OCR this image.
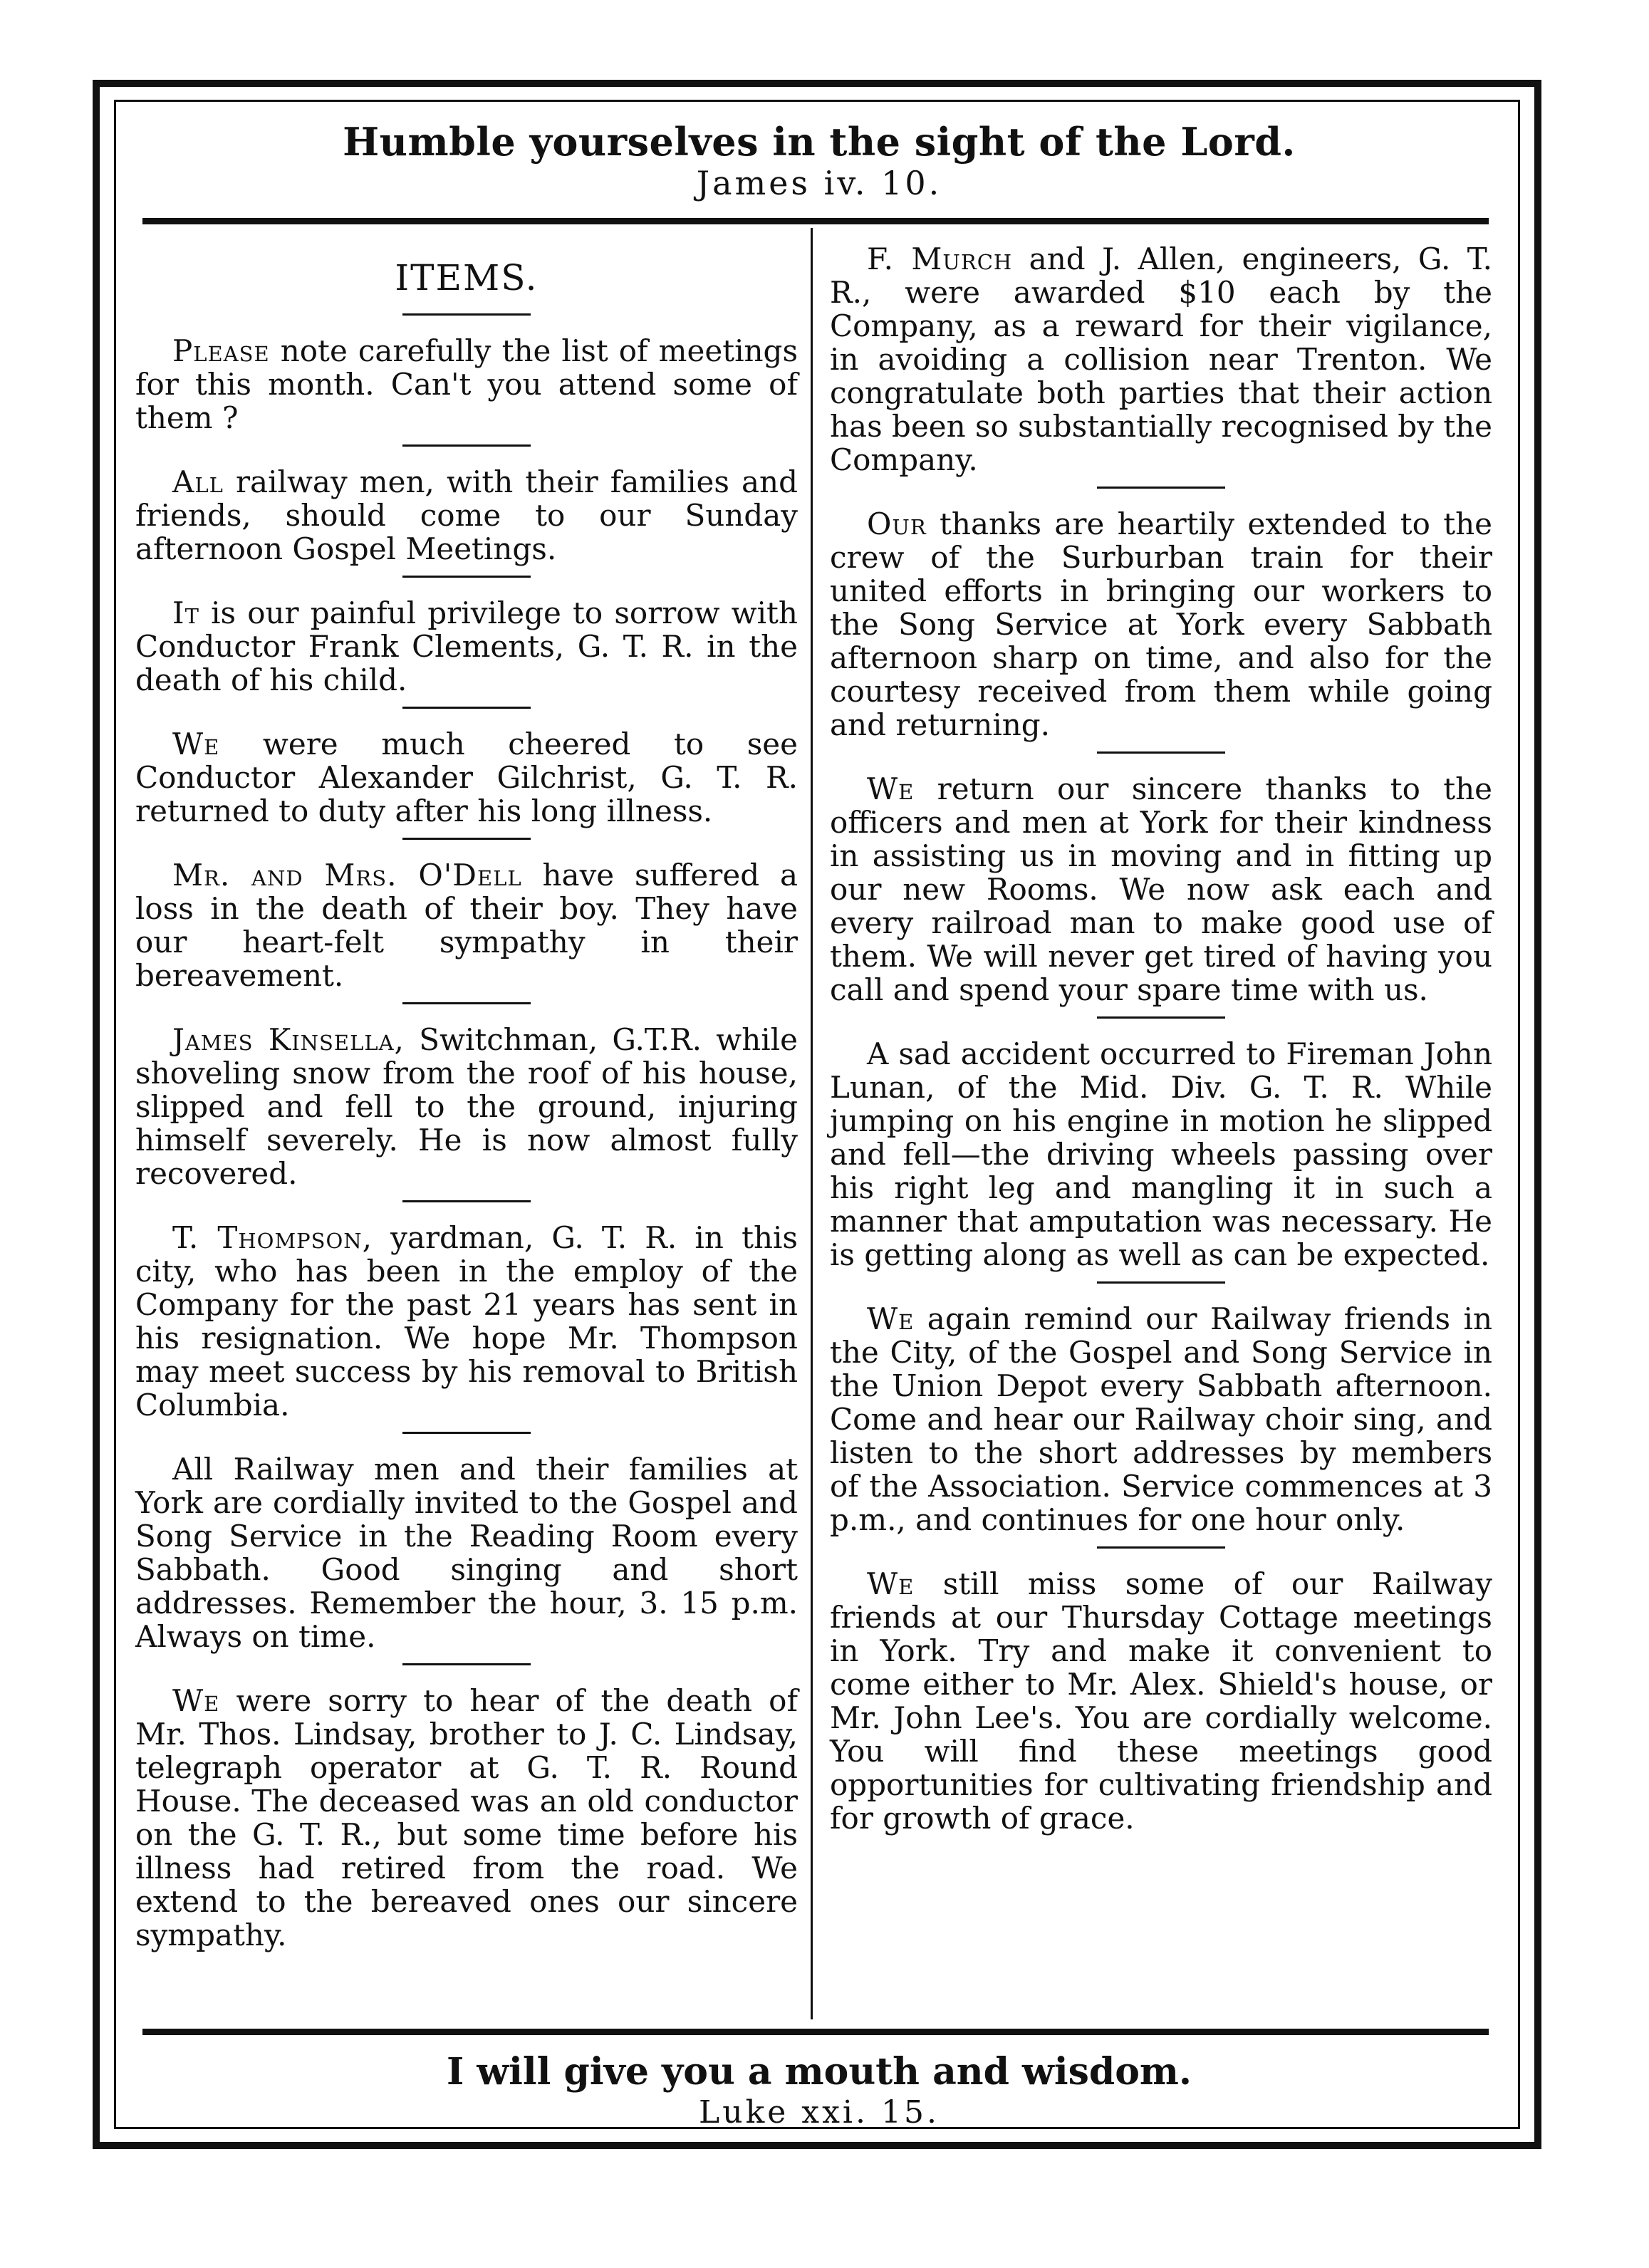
Humble yourselves in the sight of the Lord.
James iv. 10.
ITEMS.

Please note carefully the list of meetings for this month. Can't you attend some of them ?

All railway men, with their families and friends, should come to our Sunday afternoon Gospel Meetings.

It is our painful privilege to sorrow with Conductor Frank Clements, G. T. R. in the death of his child.

We were much cheered to see Conductor Alexander Gilchrist, G. T. R. returned to duty after his long illness.

Mr. and Mrs. O'Dell have suffered a loss in the death of their boy. They have our heart-felt sympathy in their bereavement.

James Kinsella, Switchman, G.T.R. while shoveling snow from the roof of his house, slipped and fell to the ground, injuring himself severely. He is now almost fully recovered.

T. Thompson, yardman, G. T. R. in this city, who has been in the employ of the Company for the past 21 years has sent in his resignation. We hope Mr. Thompson may meet success by his removal to British Columbia.

All Railway men and their families at York are cordially invited to the Gospel and Song Service in the Reading Room every Sabbath. Good singing and short addresses. Remember the hour, 3. 15 p.m. Always on time.

We were sorry to hear of the death of Mr. Thos. Lindsay, brother to J. C. Lindsay, telegraph operator at G. T. R. Round House. The deceased was an old conductor on the G. T. R., but some time before his illness had retired from the road. We extend to the bereaved ones our sincere sympathy.

F. Murch and J. Allen, engineers, G. T. R., were awarded $10 each by the Company, as a reward for their vigilance, in avoiding a collision near Trenton. We congratulate both parties that their action has been so substantially recognised by the Company.

Our thanks are heartily extended to the crew of the Surburban train for their united efforts in bringing our workers to the Song Service at York every Sabbath afternoon sharp on time, and also for the courtesy received from them while going and returning.

We return our sincere thanks to the officers and men at York for their kindness in assisting us in moving and in fitting up our new Rooms. We now ask each and every railroad man to make good use of them. We will never get tired of having you call and spend your spare time with us.

A sad accident occurred to Fireman John Lunan, of the Mid. Div. G. T. R. While jumping on his engine in motion he slipped and fell—the driving wheels passing over his right leg and mangling it in such a manner that amputation was necessary. He is getting along as well as can be expected.

We again remind our Railway friends in the City, of the Gospel and Song Service in the Union Depot every Sabbath afternoon. Come and hear our Railway choir sing, and listen to the short addresses by members of the Association. Service commences at 3 p.m., and continues for one hour only.

We still miss some of our Railway friends at our Thursday Cottage meetings in York. Try and make it convenient to come either to Mr. Alex. Shield's house, or Mr. John Lee's. You are cordially welcome. You will find these meetings good opportunities for cultivating friendship and for growth of grace.

I will give you a mouth and wisdom.
Luke xxi. 15.
